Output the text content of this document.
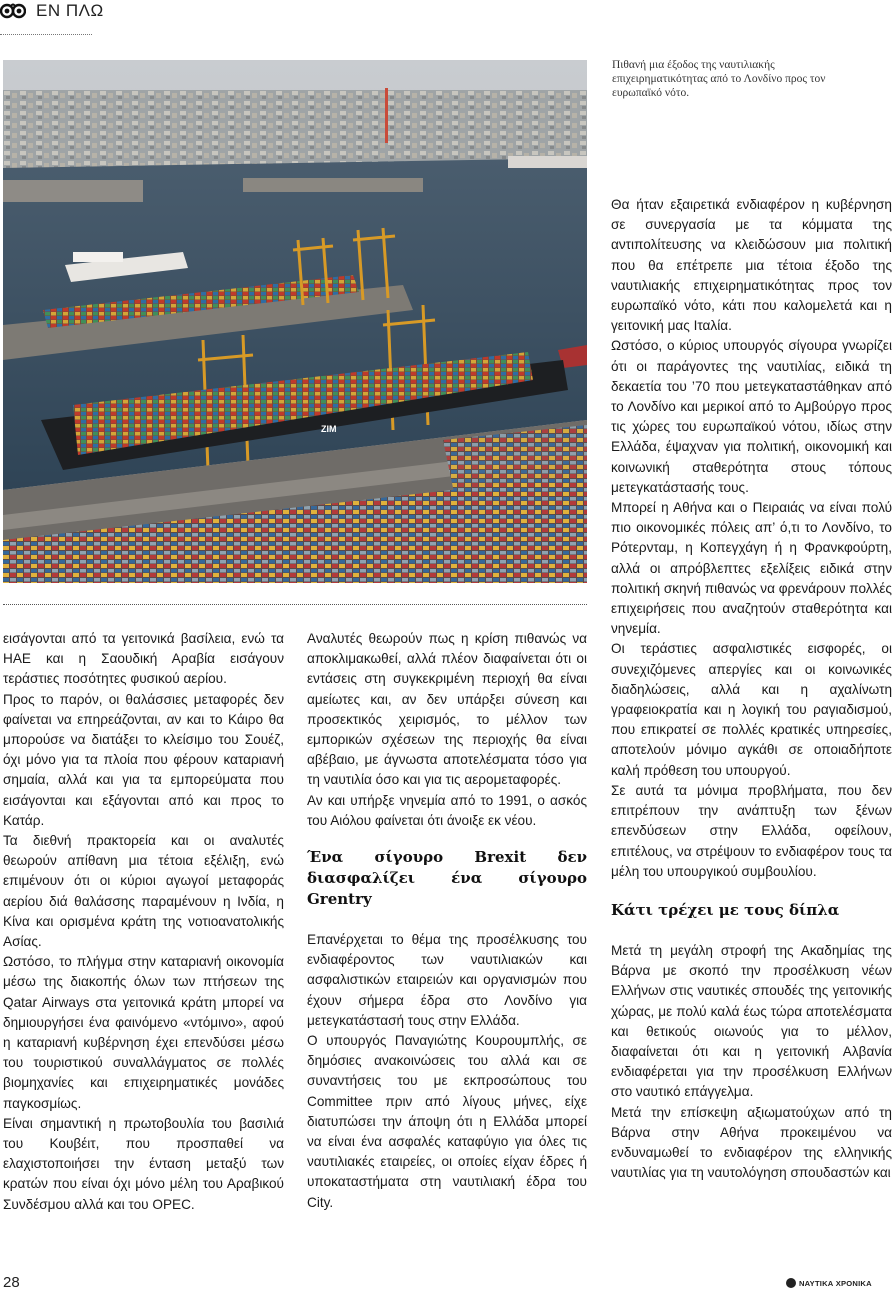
ΕΝ ΠΛΩ
ZIM
Πιθανή μια έξοδος της ναυτιλιακής επιχειρηματικότητας από το Λονδίνο προς τον ευρωπαϊκό νότο.

εισάγονται από τα γειτονικά βασίλεια, ενώ τα ΗΑΕ και η Σαουδική Αραβία εισάγουν τεράστιες ποσότητες φυσικού αερίου.

Προς το παρόν, οι θαλάσσιες μεταφορές δεν φαίνεται να επηρεάζονται, αν και το Κάιρο θα μπορούσε να διατάξει το κλείσιμο του Σουέζ, όχι μόνο για τα πλοία που φέρουν καταριανή σημαία, αλλά και για τα εμπορεύματα που εισάγονται και εξάγονται από και προς το Κατάρ.

Τα διεθνή πρακτορεία και οι αναλυτές θεωρούν απίθανη μια τέτοια εξέλιξη, ενώ επιμένουν ότι οι κύριοι αγωγοί μεταφοράς αερίου διά θαλάσσης παραμένουν η Ινδία, η Κίνα και ορισμένα κράτη της νοτιοανατολικής Ασίας.

Ωστόσο, το πλήγμα στην καταριανή οικονομία μέσω της διακοπής όλων των πτήσεων της Qatar Airways στα γειτονικά κράτη μπορεί να δημιουργήσει ένα φαινόμενο «ντόμινο», αφού η καταριανή κυβέρνηση έχει επενδύσει μέσω του τουριστικού συναλλάγματος σε πολλές βιομηχανίες και επιχειρηματικές μονάδες παγκοσμίως.

Είναι σημαντική η πρωτοβουλία του βασιλιά του Κουβέιτ, που προσπαθεί να ελαχιστοποιήσει την ένταση μεταξύ των κρατών που είναι όχι μόνο μέλη του Αραβικού Συνδέσμου αλλά και του OPEC.

Αναλυτές θεωρούν πως η κρίση πιθανώς να αποκλιμακωθεί, αλλά πλέον διαφαίνεται ότι οι εντάσεις στη συγκεκριμένη περιοχή θα είναι αμείωτες και, αν δεν υπάρξει σύνεση και προσεκτικός χειρισμός, το μέλλον των εμπορικών σχέσεων της περιοχής θα είναι αβέβαιο, με άγνωστα αποτελέσματα τόσο για τη ναυτιλία όσο και για τις αερομεταφορές.

Αν και υπήρξε νηνεμία από το 1991, ο ασκός του Αιόλου φαίνεται ότι άνοιξε εκ νέου.

Ένα σίγουρο Brexit δεν διασφαλίζει ένα σίγουρο Grentry

Επανέρχεται το θέμα της προσέλκυσης του ενδιαφέροντος των ναυτιλιακών και ασφαλιστικών εταιρειών και οργανισμών που έχουν σήμερα έδρα στο Λονδίνο για μετεγκατάστασή τους στην Ελλάδα.

Ο υπουργός Παναγιώτης Κουρουμπλής, σε δημόσιες ανακοινώσεις του αλλά και σε συναντήσεις του με εκπροσώπους του Committee πριν από λίγους μήνες, είχε διατυπώσει την άποψη ότι η Ελλάδα μπορεί να είναι ένα ασφαλές καταφύγιο για όλες τις ναυτιλιακές εταιρείες, οι οποίες είχαν έδρες ή υποκαταστήματα στη ναυτιλιακή έδρα του City.

Θα ήταν εξαιρετικά ενδιαφέρον η κυβέρνηση σε συνεργασία με τα κόμματα της αντιπολίτευσης να κλειδώσουν μια πολιτική που θα επέτρεπε μια τέτοια έξοδο της ναυτιλιακής επιχειρηματικότητας προς τον ευρωπαϊκό νότο, κάτι που καλομελετά και η γειτονική μας Ιταλία.

Ωστόσο, ο κύριος υπουργός σίγουρα γνωρίζει ότι οι παράγοντες της ναυτιλίας, ειδικά τη δεκαετία του ’70 που μετεγκαταστάθηκαν από το Λονδίνο και μερικοί από το Αμβούργο προς τις χώρες του ευρωπαϊκού νότου, ιδίως στην Ελλάδα, έψαχναν για πολιτική, οικονομική και κοινωνική σταθερότητα στους τόπους μετεγκατάστασής τους.

Μπορεί η Αθήνα και ο Πειραιάς να είναι πολύ πιο οικονομικές πόλεις απ’ ό,τι το Λονδίνο, το Ρότερνταμ, η Κοπεγχάγη ή η Φρανκφούρτη, αλλά οι απρόβλεπτες εξελίξεις ειδικά στην πολιτική σκηνή πιθανώς να φρενάρουν πολλές επιχειρήσεις που αναζητούν σταθερότητα και νηνεμία.

Οι τεράστιες ασφαλιστικές εισφορές, οι συνεχιζόμενες απεργίες και οι κοινωνικές διαδηλώσεις, αλλά και η αχαλίνωτη γραφειοκρατία και η λογική του ραγιαδισμού, που επικρατεί σε πολλές κρατικές υπηρεσίες, αποτελούν μόνιμο αγκάθι σε οποιαδήποτε καλή πρόθεση του υπουργού.

Σε αυτά τα μόνιμα προβλήματα, που δεν επιτρέπουν την ανάπτυξη των ξένων επενδύσεων στην Ελλάδα, οφείλουν, επιτέλους, να στρέψουν το ενδιαφέρον τους τα μέλη του υπουργικού συμβουλίου.

Κάτι τρέχει με τους δίπλα

Μετά τη μεγάλη στροφή της Ακαδημίας της Βάρνα με σκοπό την προσέλκυση νέων Ελλήνων στις ναυτικές σπουδές της γειτονικής χώρας, με πολύ καλά έως τώρα αποτελέσματα και θετικούς οιωνούς για το μέλλον, διαφαίνεται ότι και η γειτονική Αλβανία ενδιαφέρεται για την προσέλκυση Ελλήνων στο ναυτικό επάγγελμα.

Μετά την επίσκεψη αξιωματούχων από τη Βάρνα στην Αθήνα προκειμένου να ενδυναμωθεί το ενδιαφέρον της ελληνικής ναυτιλίας για τη ναυτολόγηση σπουδαστών και

28	ΝΑΥΤΙΚΑ ΧΡΟΝΙΚΑ
